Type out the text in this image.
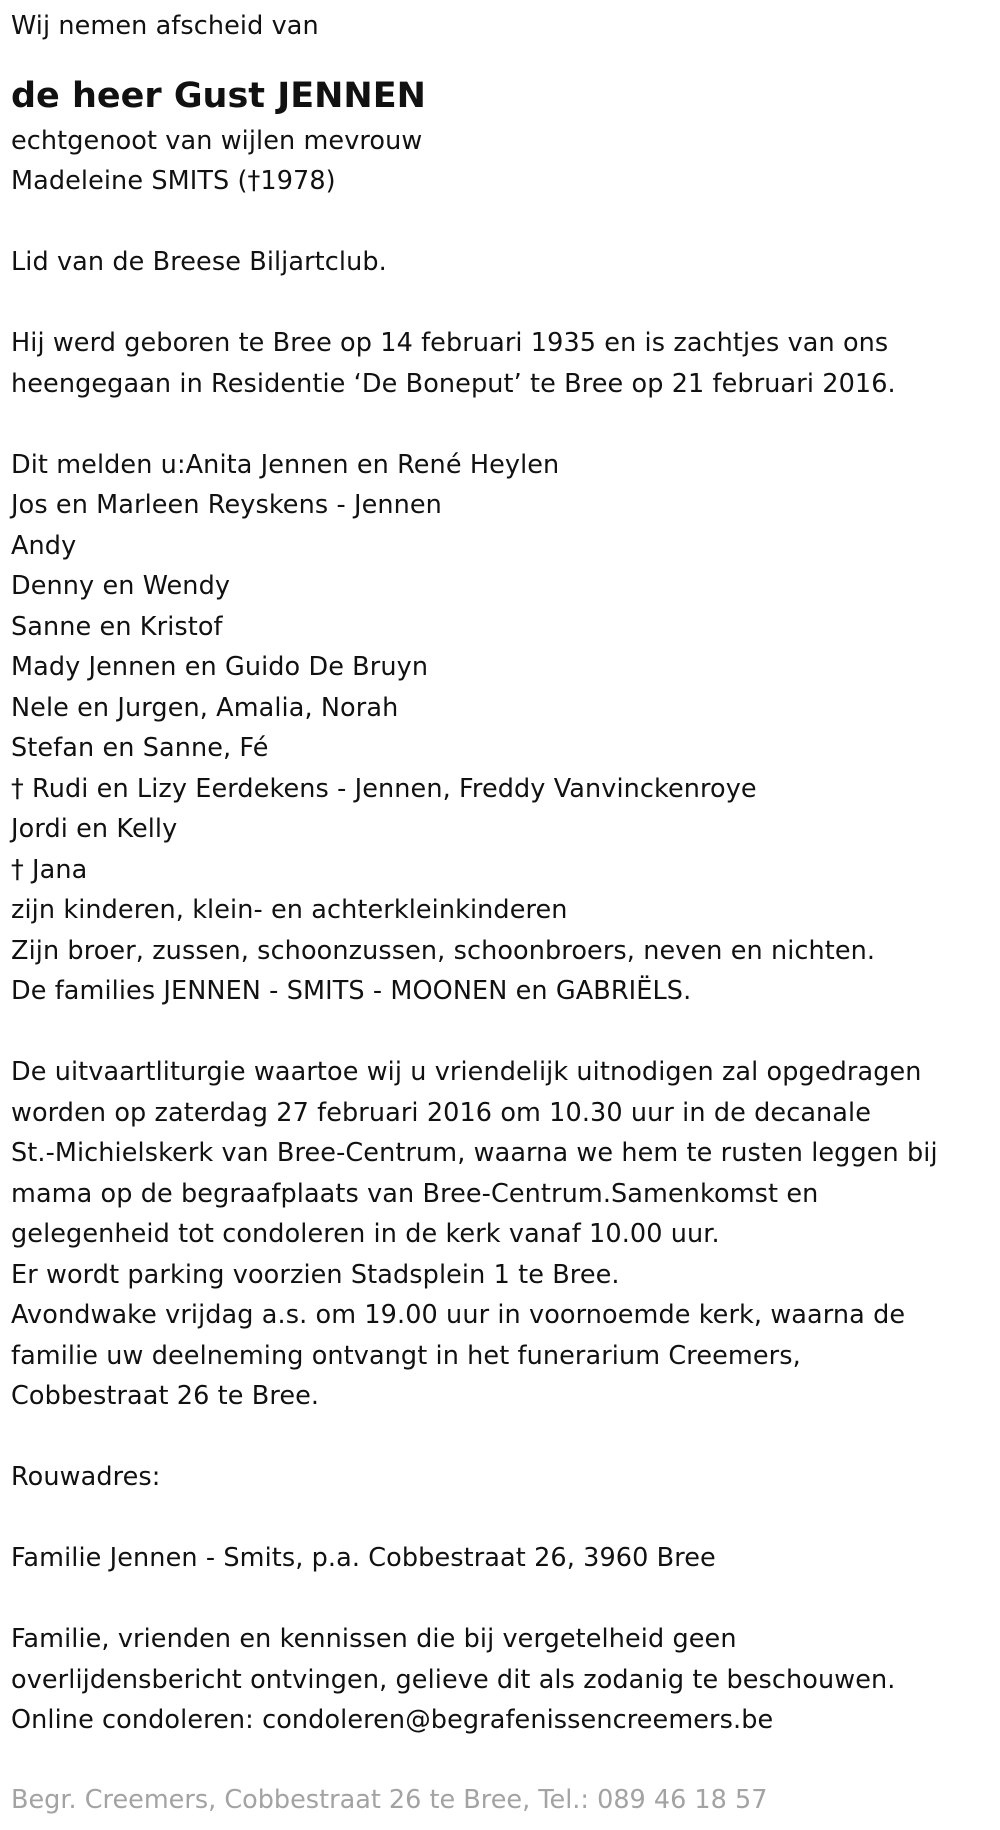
Wij nemen afscheid van
de heer Gust JENNEN
echtgenoot van wijlen mevrouw
Madeleine SMITS (†1978)
Lid van de Breese Biljartclub.
Hij werd geboren te Bree op 14 februari 1935 en is zachtjes van ons
heengegaan in Residentie ‘De Boneput’ te Bree op 21 februari 2016.
Dit melden u:Anita Jennen en René Heylen
Jos en Marleen Reyskens - Jennen
Andy
Denny en Wendy
Sanne en Kristof
Mady Jennen en Guido De Bruyn
Nele en Jurgen, Amalia, Norah
Stefan en Sanne, Fé
† Rudi en Lizy Eerdekens - Jennen, Freddy Vanvinckenroye
Jordi en Kelly
† Jana
zijn kinderen, klein- en achterkleinkinderen
Zijn broer, zussen, schoonzussen, schoonbroers, neven en nichten.
De families JENNEN - SMITS - MOONEN en GABRIËLS.
De uitvaartliturgie waartoe wij u vriendelijk uitnodigen zal opgedragen
worden op zaterdag 27 februari 2016 om 10.30 uur in de decanale
St.-Michielskerk van Bree-Centrum, waarna we hem te rusten leggen bij
mama op de begraafplaats van Bree-Centrum.Samenkomst en
gelegenheid tot condoleren in de kerk vanaf 10.00 uur.
Er wordt parking voorzien Stadsplein 1 te Bree.
Avondwake vrijdag a.s. om 19.00 uur in voornoemde kerk, waarna de
familie uw deelneming ontvangt in het funerarium Creemers,
Cobbestraat 26 te Bree.
Rouwadres:
Familie Jennen - Smits, p.a. Cobbestraat 26, 3960 Bree
Familie, vrienden en kennissen die bij vergetelheid geen
overlijdensbericht ontvingen, gelieve dit als zodanig te beschouwen.
Online condoleren: condoleren@begrafenissencreemers.be
Begr. Creemers, Cobbestraat 26 te Bree, Tel.: 089 46 18 57
